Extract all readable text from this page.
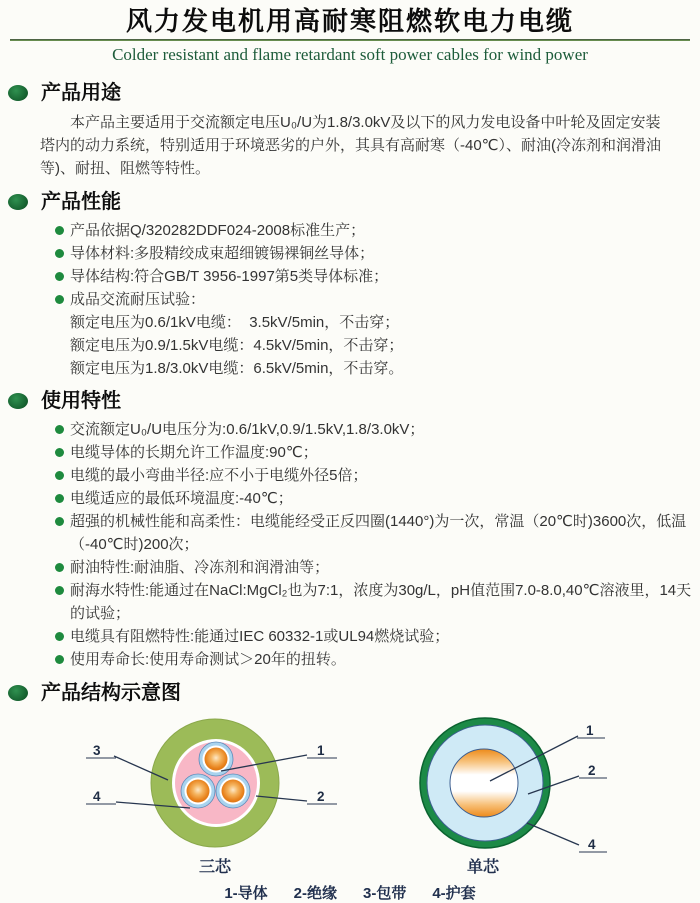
风力发电机用高耐寒阻燃软电力电缆
Colder resistant and flame retardant soft power cables for wind power
产品用途

本产品主要适用于交流额定电压U₀/U为1.8/3.0kV及以下的风力发电设备中叶轮及固定安装塔内的动力系统，特别适用于环境恶劣的户外，其具有高耐寒（-40℃）、耐油(冷冻剂和润滑油等)、耐扭、阻燃等特性。

产品性能
产品依据Q/320282DDF024-2008标准生产；
导体材料:多股精绞成束超细镀锡裸铜丝导体；
导体结构:符合GB/T 3956-1997第5类导体标准；
成品交流耐压试验：
额定电压为0.6/1kV电缆：  3.5kV/5min，不击穿；
额定电压为0.9/1.5kV电缆：4.5kV/5min，不击穿；
额定电压为1.8/3.0kV电缆：6.5kV/5min，不击穿。
使用特性
交流额定U₀/U电压分为:0.6/1kV,0.9/1.5kV,1.8/3.0kV；
电缆导体的长期允许工作温度:90℃；
电缆的最小弯曲半径:应不小于电缆外径5倍；
电缆适应的最低环境温度:-40℃；
超强的机械性能和高柔性：电缆能经受正反四圈(1440°)为一次，常温（20℃时)3600次，低温（-40℃时)200次；
耐油特性:耐油脂、冷冻剂和润滑油等；
耐海水特性:能通过在NaCl:MgCl₂也为7:1，浓度为30g/L，pH值范围7.0-8.0,40℃溶液里，14天的试验；
电缆具有阻燃特性:能通过IEC 60332-1或UL94燃烧试验；
使用寿命长:使用寿命测试＞20年的扭转。
产品结构示意图
3
4
1
2
三芯
1
2
4
单芯
1-导体 2-绝缘 3-包带 4-护套
